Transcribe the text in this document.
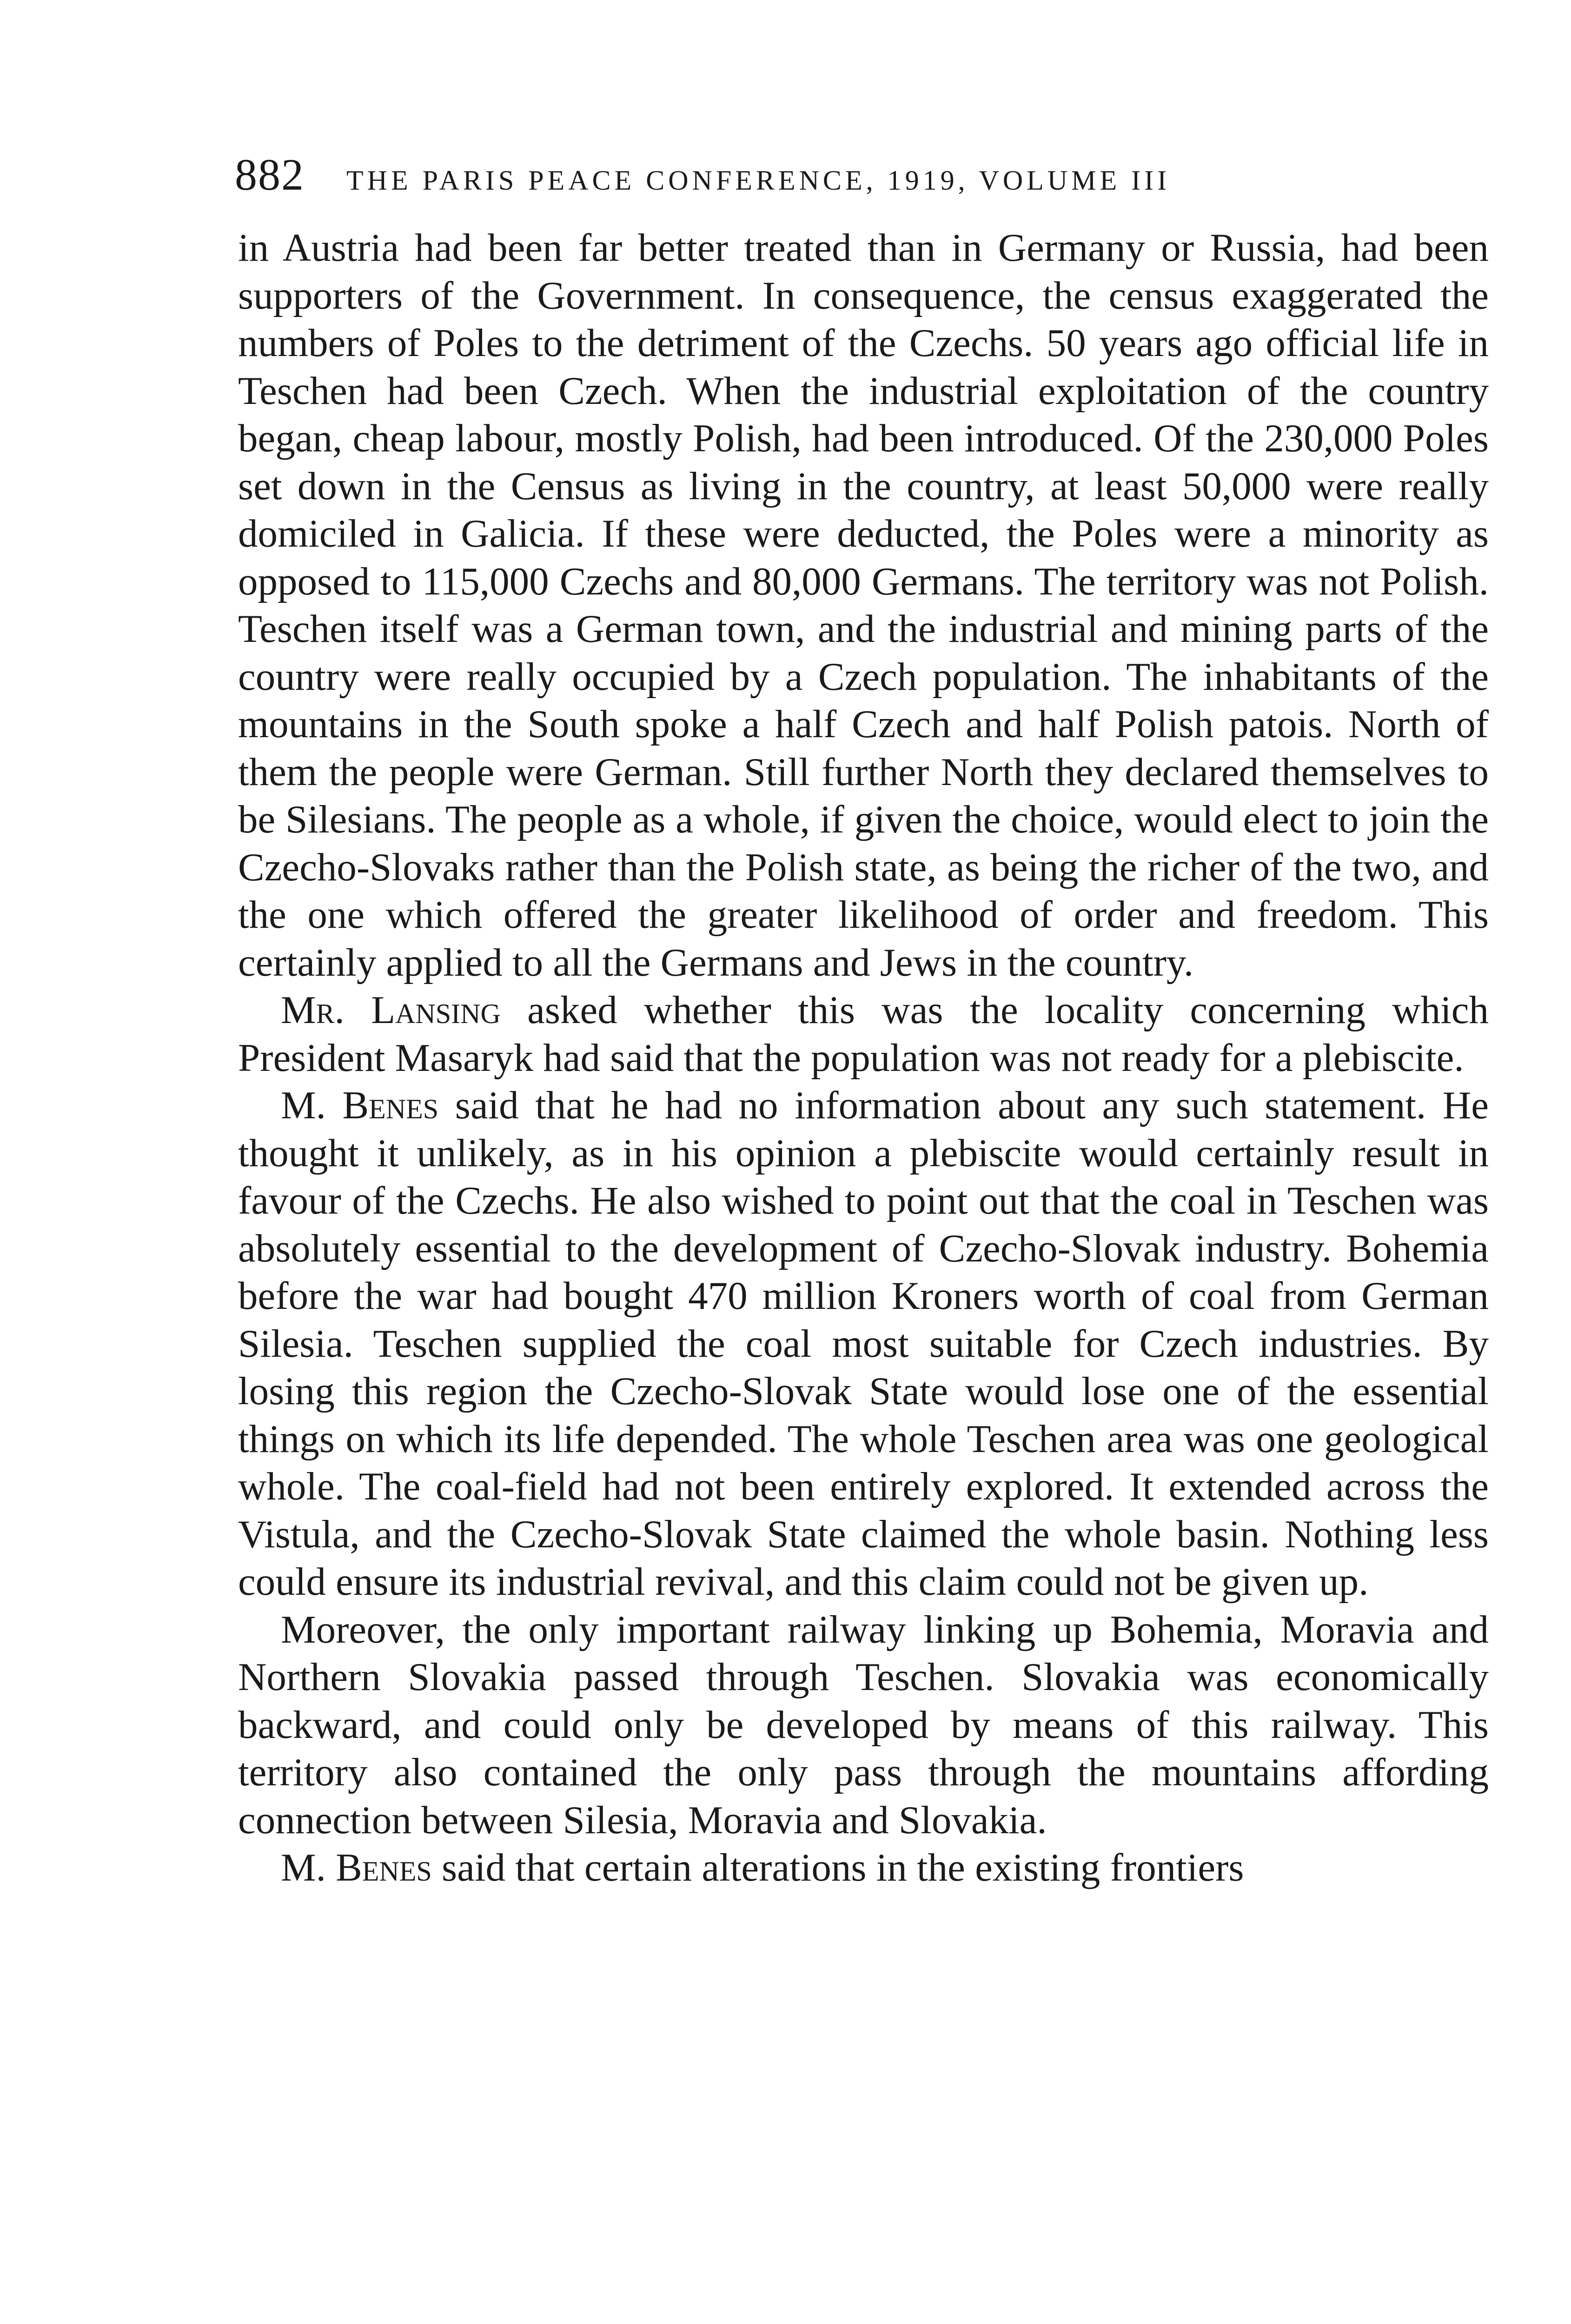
882 THE PARIS PEACE CONFERENCE, 1919, VOLUME III

in Austria had been far better treated than in Germany or Russia, had been supporters of the Government. In consequence, the census exaggerated the numbers of Poles to the detriment of the Czechs. 50 years ago official life in Teschen had been Czech. When the industrial exploitation of the country began, cheap labour, mostly Polish, had been introduced. Of the 230,000 Poles set down in the Census as living in the country, at least 50,000 were really domiciled in Galicia. If these were deducted, the Poles were a minority as opposed to 115,000 Czechs and 80,000 Germans. The territory was not Polish. Teschen itself was a German town, and the industrial and mining parts of the country were really occupied by a Czech population. The inhabitants of the mountains in the South spoke a half Czech and half Polish patois. North of them the people were German. Still further North they declared themselves to be Silesians. The people as a whole, if given the choice, would elect to join the Czecho-Slovaks rather than the Polish state, as being the richer of the two, and the one which offered the greater likelihood of order and freedom. This certainly applied to all the Germans and Jews in the country.

Mr. Lansing asked whether this was the locality concerning which President Masaryk had said that the population was not ready for a plebiscite.

M. Benes said that he had no information about any such statement. He thought it unlikely, as in his opinion a plebiscite would certainly result in favour of the Czechs. He also wished to point out that the coal in Teschen was absolutely essential to the development of Czecho-Slovak industry. Bohemia before the war had bought 470 million Kroners worth of coal from German Silesia. Teschen supplied the coal most suitable for Czech industries. By losing this region the Czecho-Slovak State would lose one of the essential things on which its life depended. The whole Teschen area was one geological whole. The coal-field had not been entirely explored. It extended across the Vistula, and the Czecho-Slovak State claimed the whole basin. Nothing less could ensure its industrial revival, and this claim could not be given up.

Moreover, the only important railway linking up Bohemia, Moravia and Northern Slovakia passed through Teschen. Slovakia was economically backward, and could only be developed by means of this railway. This territory also contained the only pass through the mountains affording connection between Silesia, Moravia and Slovakia.

M. Benes said that certain alterations in the existing frontiers
